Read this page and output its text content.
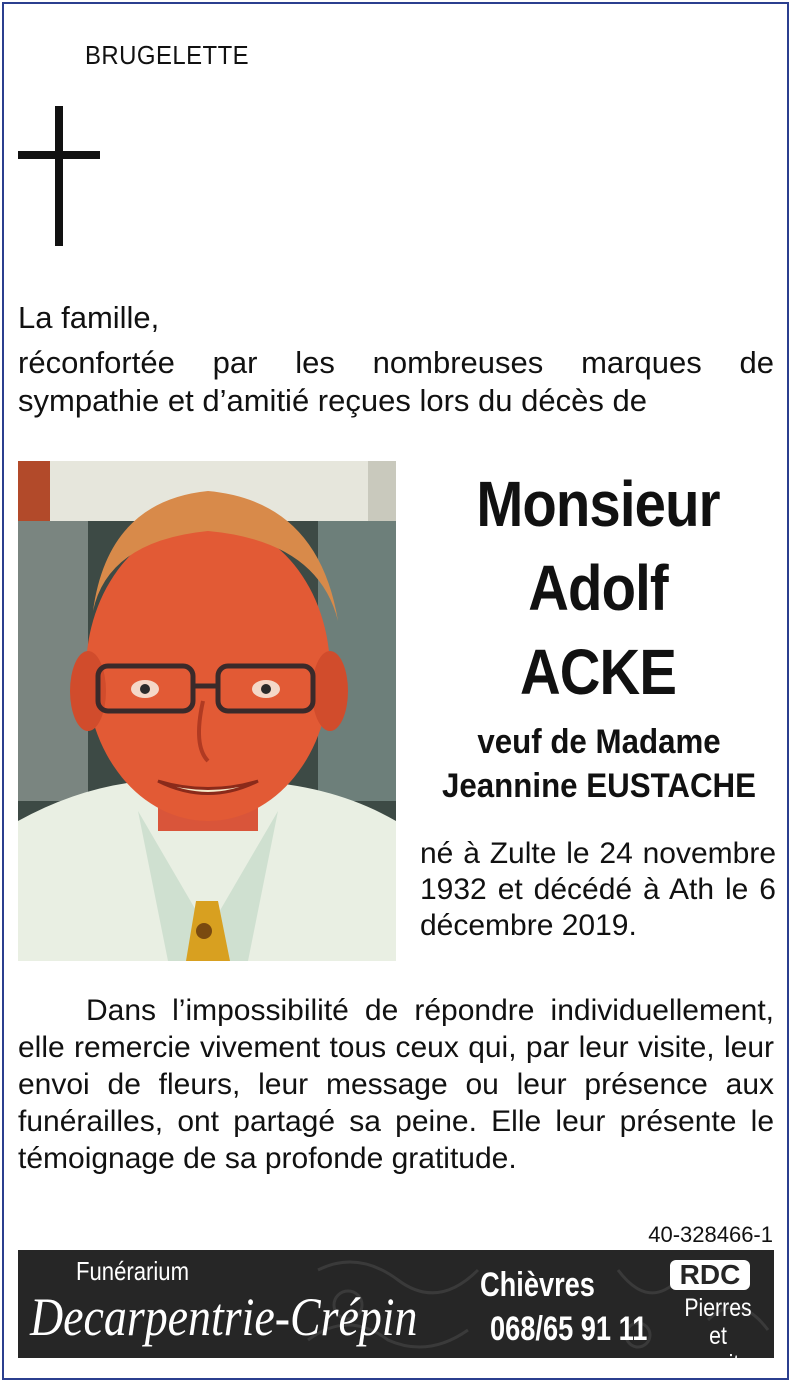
BRUGELETTE
La famille,
réconfortée par les nombreuses marques de sympathie et d’amitié reçues lors du décès de
Monsieur
Adolf
ACKE
veuf de Madame
Jeannine EUSTACHE
né à Zulte le 24 novembre 1932 et décédé à Ath le 6 décembre 2019.
Dans l’impossibilité de répondre individuellement, elle remercie vivement tous ceux qui, par leur visite, leur envoi de fleurs, leur message ou leur présence aux funérailles, ont partagé sa peine. Elle leur présente le témoignage de sa profonde gratitude.
40-328466-1
Funérarium
Decarpentrie-Crépin
Chièvres
068/65 91 11
RDC
Pierres
et granits
